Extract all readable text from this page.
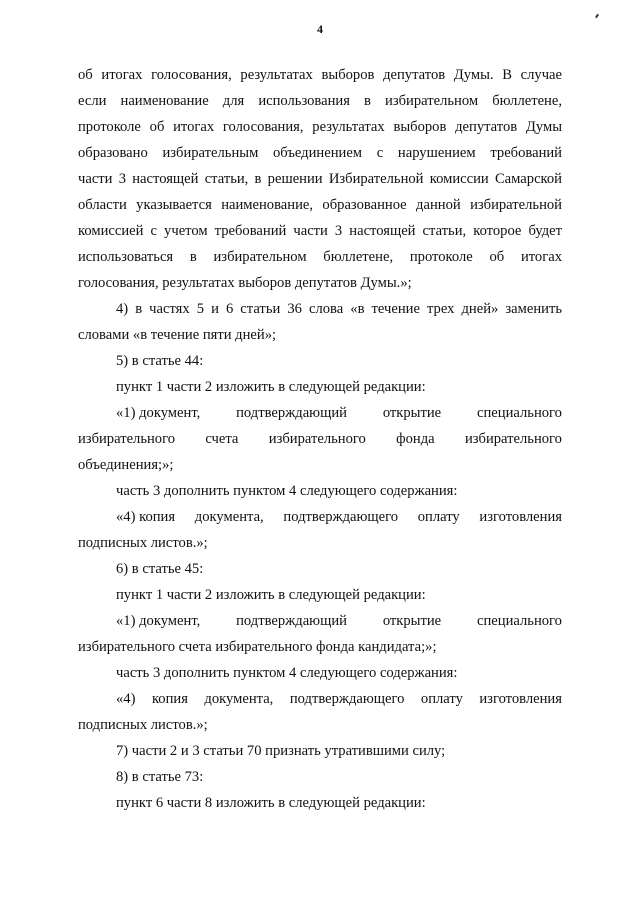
4
об итогах голосования, результатах выборов депутатов Думы. В случае
если наименование для использования в избирательном бюллетене,
протоколе об итогах голосования, результатах выборов депутатов Думы
образовано избирательным объединением с нарушением требований
части 3 настоящей статьи, в решении Избирательной комиссии Самарской
области указывается наименование, образованное данной избирательной
комиссией с учетом требований части 3 настоящей статьи, которое будет
использоваться в избирательном бюллетене, протоколе об итогах
голосования, результатах выборов депутатов Думы.»;
4) в частях 5 и 6 статьи 36 слова «в течение трех дней» заменить
словами «в течение пяти дней»;
5) в статье 44:
пункт 1 части 2 изложить в следующей редакции:
«1) документ, подтверждающий открытие специального
избирательного счета избирательного фонда избирательного
объединения;»;
часть 3 дополнить пунктом 4 следующего содержания:
«4) копия документа, подтверждающего оплату изготовления
подписных листов.»;
6) в статье 45:
пункт 1 части 2 изложить в следующей редакции:
«1) документ, подтверждающий открытие специального
избирательного счета избирательного фонда кандидата;»;
часть 3 дополнить пунктом 4 следующего содержания:
«4) копия документа, подтверждающего оплату изготовления
подписных листов.»;
7) части 2 и 3 статьи 70 признать утратившими силу;
8) в статье 73:
пункт 6 части 8 изложить в следующей редакции:
